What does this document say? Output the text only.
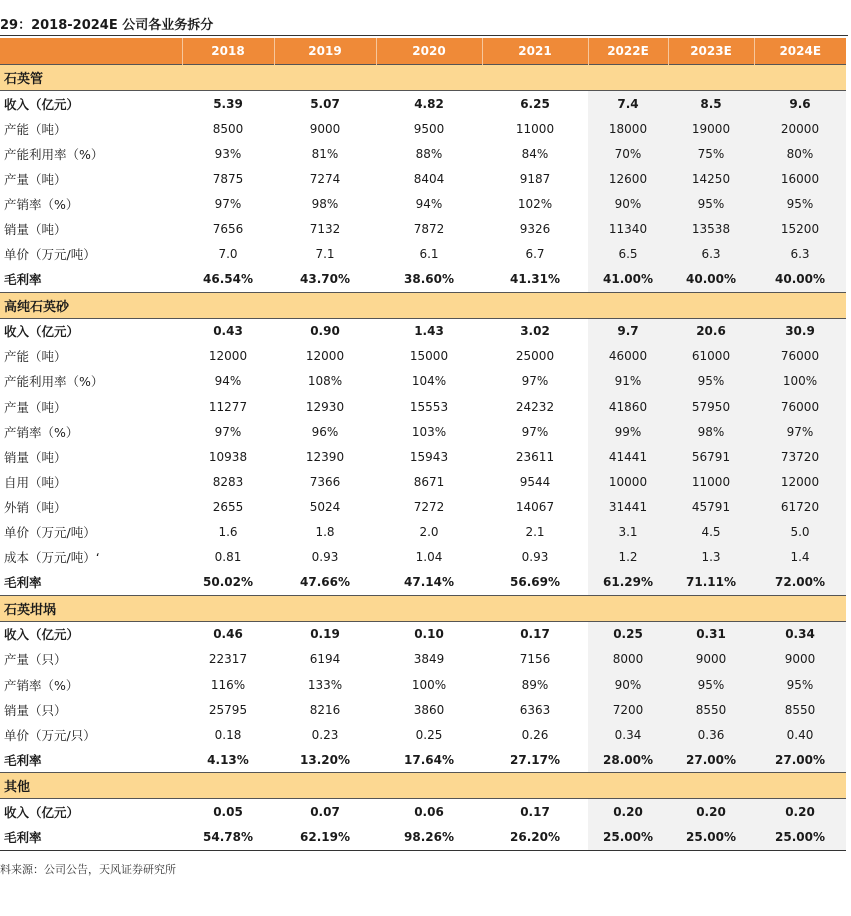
29：2018-2024E 公司各业务拆分
	2018	2019	2020	2021	2022E	2023E	2024E
石英管							
收入（亿元）	5.39	5.07	4.82	6.25	7.4	8.5	9.6
产能（吨）	8500	9000	9500	11000	18000	19000	20000
产能利用率（%）	93%	81%	88%	84%	70%	75%	80%
产量（吨）	7875	7274	8404	9187	12600	14250	16000
产销率（%）	97%	98%	94%	102%	90%	95%	95%
销量（吨）	7656	7132	7872	9326	11340	13538	15200
单价（万元/吨）	7.0	7.1	6.1	6.7	6.5	6.3	6.3
毛利率	46.54%	43.70%	38.60%	41.31%	41.00%	40.00%	40.00%
高纯石英砂							
收入（亿元）	0.43	0.90	1.43	3.02	9.7	20.6	30.9
产能（吨）	12000	12000	15000	25000	46000	61000	76000
产能利用率（%）	94%	108%	104%	97%	91%	95%	100%
产量（吨）	11277	12930	15553	24232	41860	57950	76000
产销率（%）	97%	96%	103%	97%	99%	98%	97%
销量（吨）	10938	12390	15943	23611	41441	56791	73720
自用（吨）	8283	7366	8671	9544	10000	11000	12000
外销（吨）	2655	5024	7272	14067	31441	45791	61720
单价（万元/吨）	1.6	1.8	2.0	2.1	3.1	4.5	5.0
成本（万元/吨）‘	0.81	0.93	1.04	0.93	1.2	1.3	1.4
毛利率	50.02%	47.66%	47.14%	56.69%	61.29%	71.11%	72.00%
石英坩埚							
收入（亿元）	0.46	0.19	0.10	0.17	0.25	0.31	0.34
产量（只）	22317	6194	3849	7156	8000	9000	9000
产销率（%）	116%	133%	100%	89%	90%	95%	95%
销量（只）	25795	8216	3860	6363	7200	8550	8550
单价（万元/只）	0.18	0.23	0.25	0.26	0.34	0.36	0.40
毛利率	4.13%	13.20%	17.64%	27.17%	28.00%	27.00%	27.00%
其他							
收入（亿元）	0.05	0.07	0.06	0.17	0.20	0.20	0.20
毛利率	54.78%	62.19%	98.26%	26.20%	25.00%	25.00%	25.00%
料来源：公司公告，天风证券研究所
